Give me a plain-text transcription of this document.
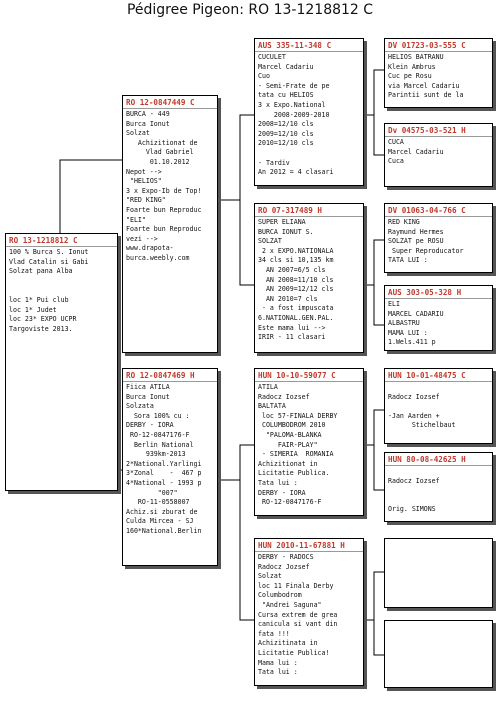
Pédigree Pigeon: RO 13-1218812 C
RO 13-1218812 C
100 % Burca S. Ionut
Vlad Catalin si Gabi
Solzat pana Alba

loc 1* Pui club
loc 1* Judet
loc 23* EXPO UCPR
Targoviste 2013.
RO 12-0847449 C
BURCA - 449
Burca Ionut
Solzat
Achizitionat de
Vlad Gabriel
01.10.2012
Nepot -->
"HELIOS"
3 x Expo-Ib de Top!
"RED KING"
Foarte bun Reproduc
"ELI"
Foarte bun Reproduc
vezi -->
www.drapota-
burca.weebly.com
RO 12-0847469 H
Fiica ATILA
Burca Ionut
Solzata
Sora 100% cu :
DERBY - IORA
RO-12-0847176-F
Berlin National
939km-2013
2*National.Yarlingi
3*Zonal    -  467 p
4*National - 1993 p
"007"
RO-11-0558007
Achiz.si zburat de
Culda Mircea - SJ
160*National.Berlin
AUS 335-11-348 C
CUCULET
Marcel Cadariu
Cuo
- Semi-Frate de pe
tata cu HELIOS
3 x Expo.National
2008-2009-2010
2008=12/10 cls
2009=12/10 cls
2010=12/10 cls

- Tardiv
An 2012 = 4 clasari
RO 07-317489 H
SUPER ELIANA
BURCA IONUT S.
SOLZAT
2 x EXPO.NATIONALA
34 cls si 10,135 km
AN 2007=6/5 cls
AN 2008=11/10 cls
AN 2009=12/12 cls
AN 2010=7 cls
- a fost impuscata
6.NATIONAL.GEN.PAL.
Este mama lui -->
IRIR - 11 clasari
HUN 10-10-59077 C
ATILA
Radocz Iozsef
BALTATA
loc 57-FINALA DERBY
COLUMBODROM 2010
"PALOMA-BLANKA
FAIR-PLAY"
- SIMERIA  ROMANIA
Achizitionat in
Licitatie Publica.
Tata lui :
DERBY - IORA
RO-12-0847176-F
HUN 2010-11-67881 H
DERBY - RADOCS
Radocz Jozsef
Solzat
loc 11 Finala Derby
Columbodrom
"Andrei Saguna"
Cursa extrem de grea
canicula si vant din
fata !!!
Achizitinata in
Licitatie Publica!
Mama lui :
Tata lui :
DV 01723-03-555 C
HELIOS BATRANU
Klein Ambrus
Cuc pe Rosu
via Marcel Cadariu
Parintii sunt de la
Dv 04575-03-521 H
CUCA
Marcel Cadariu
Cuca
DV 01063-04-766 C
RED KING
Raymund Hermes
SOLZAT pe ROSU
Super Reproducator
TATA LUI :
AUS 303-05-328 H
ELI
MARCEL CADARIU
ALBASTRU
MAMA LUI :
1.Wels.411 p
HUN 10-01-48475 C

Radocz Iozsef

-Jan Aarden +
Stichelbaut
HUN 80-08-42625 H

Radocz Iozsef

Orig. SIMONS
